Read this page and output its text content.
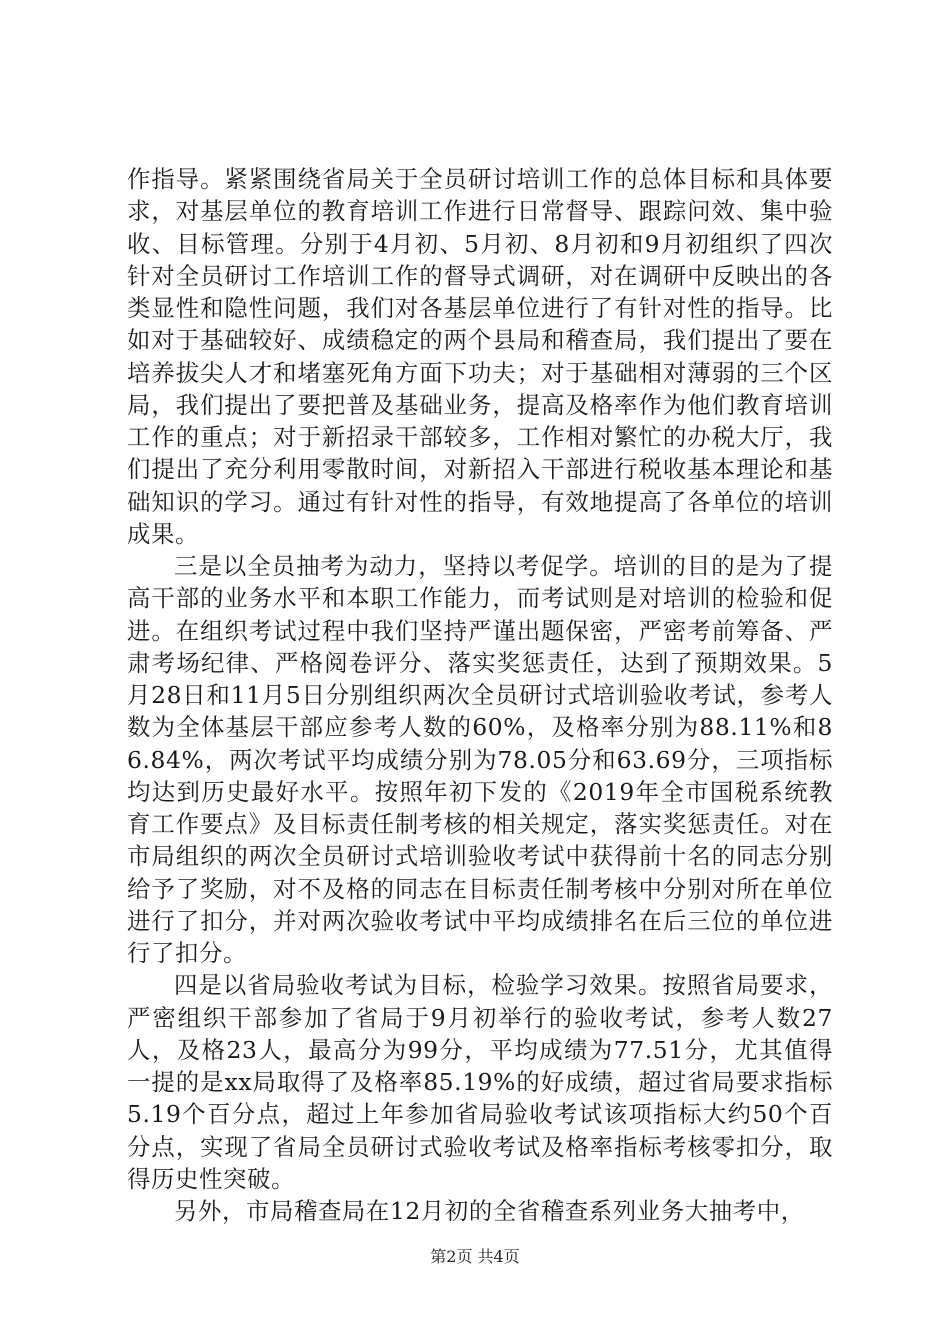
作指导。紧紧围绕省局关于全员研讨培训工作的总体目标和具体要求，对基层单位的教育培训工作进行日常督导、跟踪问效、集中验收、目标管理。分别于4月初、5月初、8月初和9月初组织了四次针对全员研讨工作培训工作的督导式调研，对在调研中反映出的各类显性和隐性问题，我们对各基层单位进行了有针对性的指导。比如对于基础较好、成绩稳定的两个县局和稽查局，我们提出了要在培养拔尖人才和堵塞死角方面下功夫；对于基础相对薄弱的三个区局，我们提出了要把普及基础业务，提高及格率作为他们教育培训工作的重点；对于新招录干部较多，工作相对繁忙的办税大厅，我们提出了充分利用零散时间，对新招入干部进行税收基本理论和基础知识的学习。通过有针对性的指导，有效地提高了各单位的培训成果。

三是以全员抽考为动力，坚持以考促学。培训的目的是为了提高干部的业务水平和本职工作能力，而考试则是对培训的检验和促进。在组织考试过程中我们坚持严谨出题保密，严密考前筹备、严肃考场纪律、严格阅卷评分、落实奖惩责任，达到了预期效果。5月28日和11月5日分别组织两次全员研讨式培训验收考试，参考人数为全体基层干部应参考人数的60%，及格率分别为88.11%和86.84%，两次考试平均成绩分别为78.05分和63.69分，三项指标均达到历史最好水平。按照年初下发的《2019年全市国税系统教育工作要点》及目标责任制考核的相关规定，落实奖惩责任。对在市局组织的两次全员研讨式培训验收考试中获得前十名的同志分别给予了奖励，对不及格的同志在目标责任制考核中分别对所在单位进行了扣分，并对两次验收考试中平均成绩排名在后三位的单位进行了扣分。

四是以省局验收考试为目标，检验学习效果。按照省局要求，严密组织干部参加了省局于9月初举行的验收考试，参考人数27人，及格23人，最高分为99分，平均成绩为77.51分，尤其值得一提的是xx局取得了及格率85.19%的好成绩，超过省局要求指标5.19个百分点，超过上年参加省局验收考试该项指标大约50个百分点，实现了省局全员研讨式验收考试及格率指标考核零扣分，取得历史性突破。

另外，市局稽查局在12月初的全省稽查系列业务大抽考中，

第2页 共4页
